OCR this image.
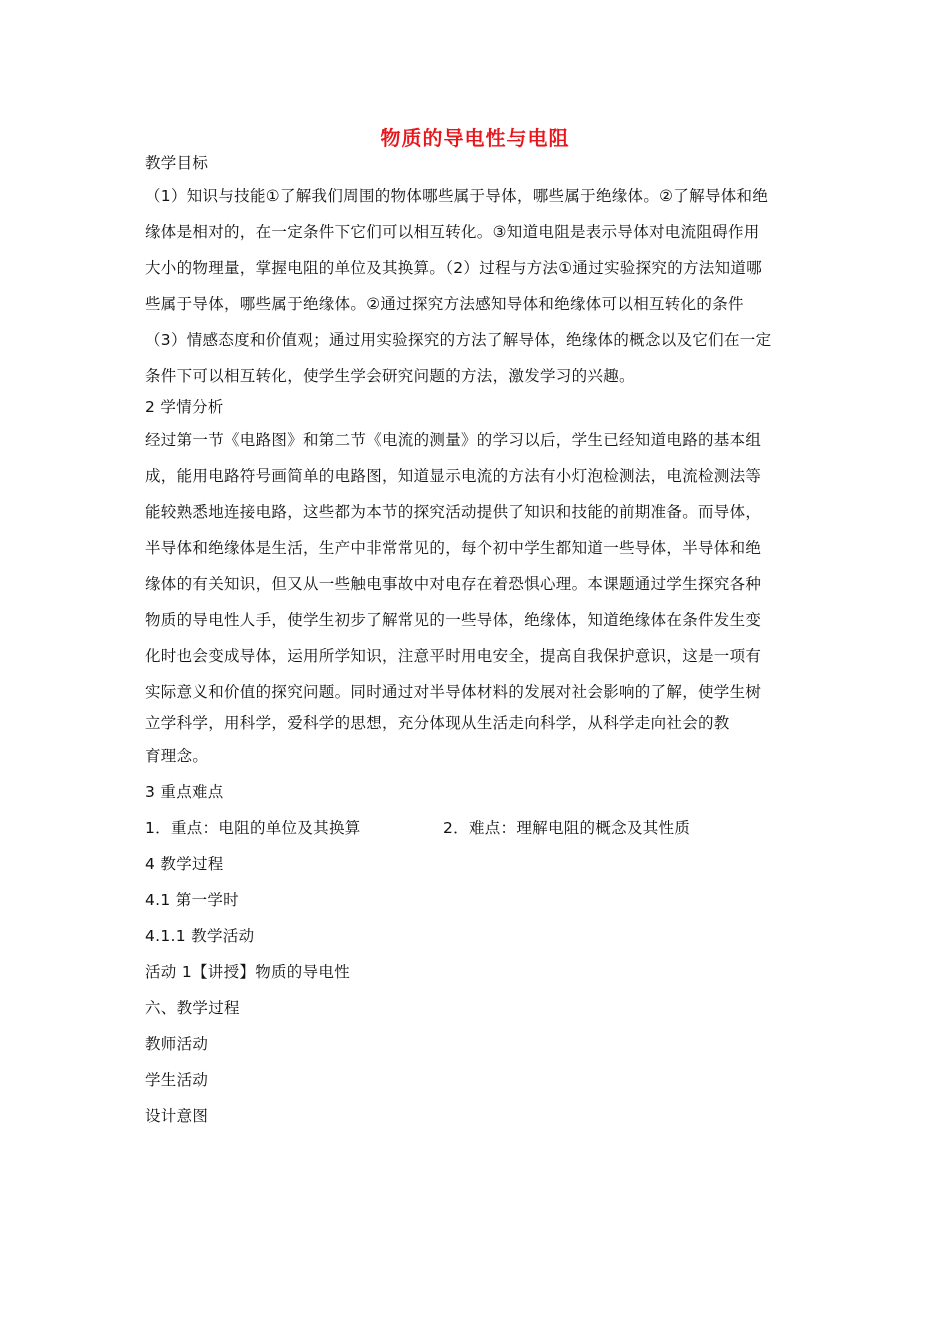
物质的导电性与电阻
教学目标
（1）知识与技能①了解我们周围的物体哪些属于导体，哪些属于绝缘体。②了解导体和绝
缘体是相对的，在一定条件下它们可以相互转化。③知道电阻是表示导体对电流阻碍作用
大小的物理量，掌握电阻的单位及其换算。（2）过程与方法①通过实验探究的方法知道哪
些属于导体，哪些属于绝缘体。②通过探究方法感知导体和绝缘体可以相互转化的条件
（3）情感态度和价值观；通过用实验探究的方法了解导体，绝缘体的概念以及它们在一定
条件下可以相互转化，使学生学会研究问题的方法，激发学习的兴趣。
2 学情分析
经过第一节《电路图》和第二节《电流的测量》的学习以后，学生已经知道电路的基本组
成，能用电路符号画简单的电路图，知道显示电流的方法有小灯泡检测法，电流检测法等
能较熟悉地连接电路，这些都为本节的探究活动提供了知识和技能的前期准备。而导体，
半导体和绝缘体是生活，生产中非常常见的，每个初中学生都知道一些导体，半导体和绝
缘体的有关知识，但又从一些触电事故中对电存在着恐惧心理。本课题通过学生探究各种
物质的导电性人手，使学生初步了解常见的一些导体，绝缘体，知道绝缘体在条件发生变
化时也会变成导体，运用所学知识，注意平时用电安全，提高自我保护意识，这是一项有
实际意义和价值的探究问题。同时通过对半导体材料的发展对社会影响的了解，使学生树
立学科学，用科学，爱科学的思想，充分体现从生活走向科学，从科学走向社会的教
育理念。
3 重点难点
1．重点：电阻的单位及其换算	2．难点：理解电阻的概念及其性质
4 教学过程
4.1 第一学时
4.1.1 教学活动
活动 1【讲授】物质的导电性
六、教学过程
教师活动
学生活动
设计意图
